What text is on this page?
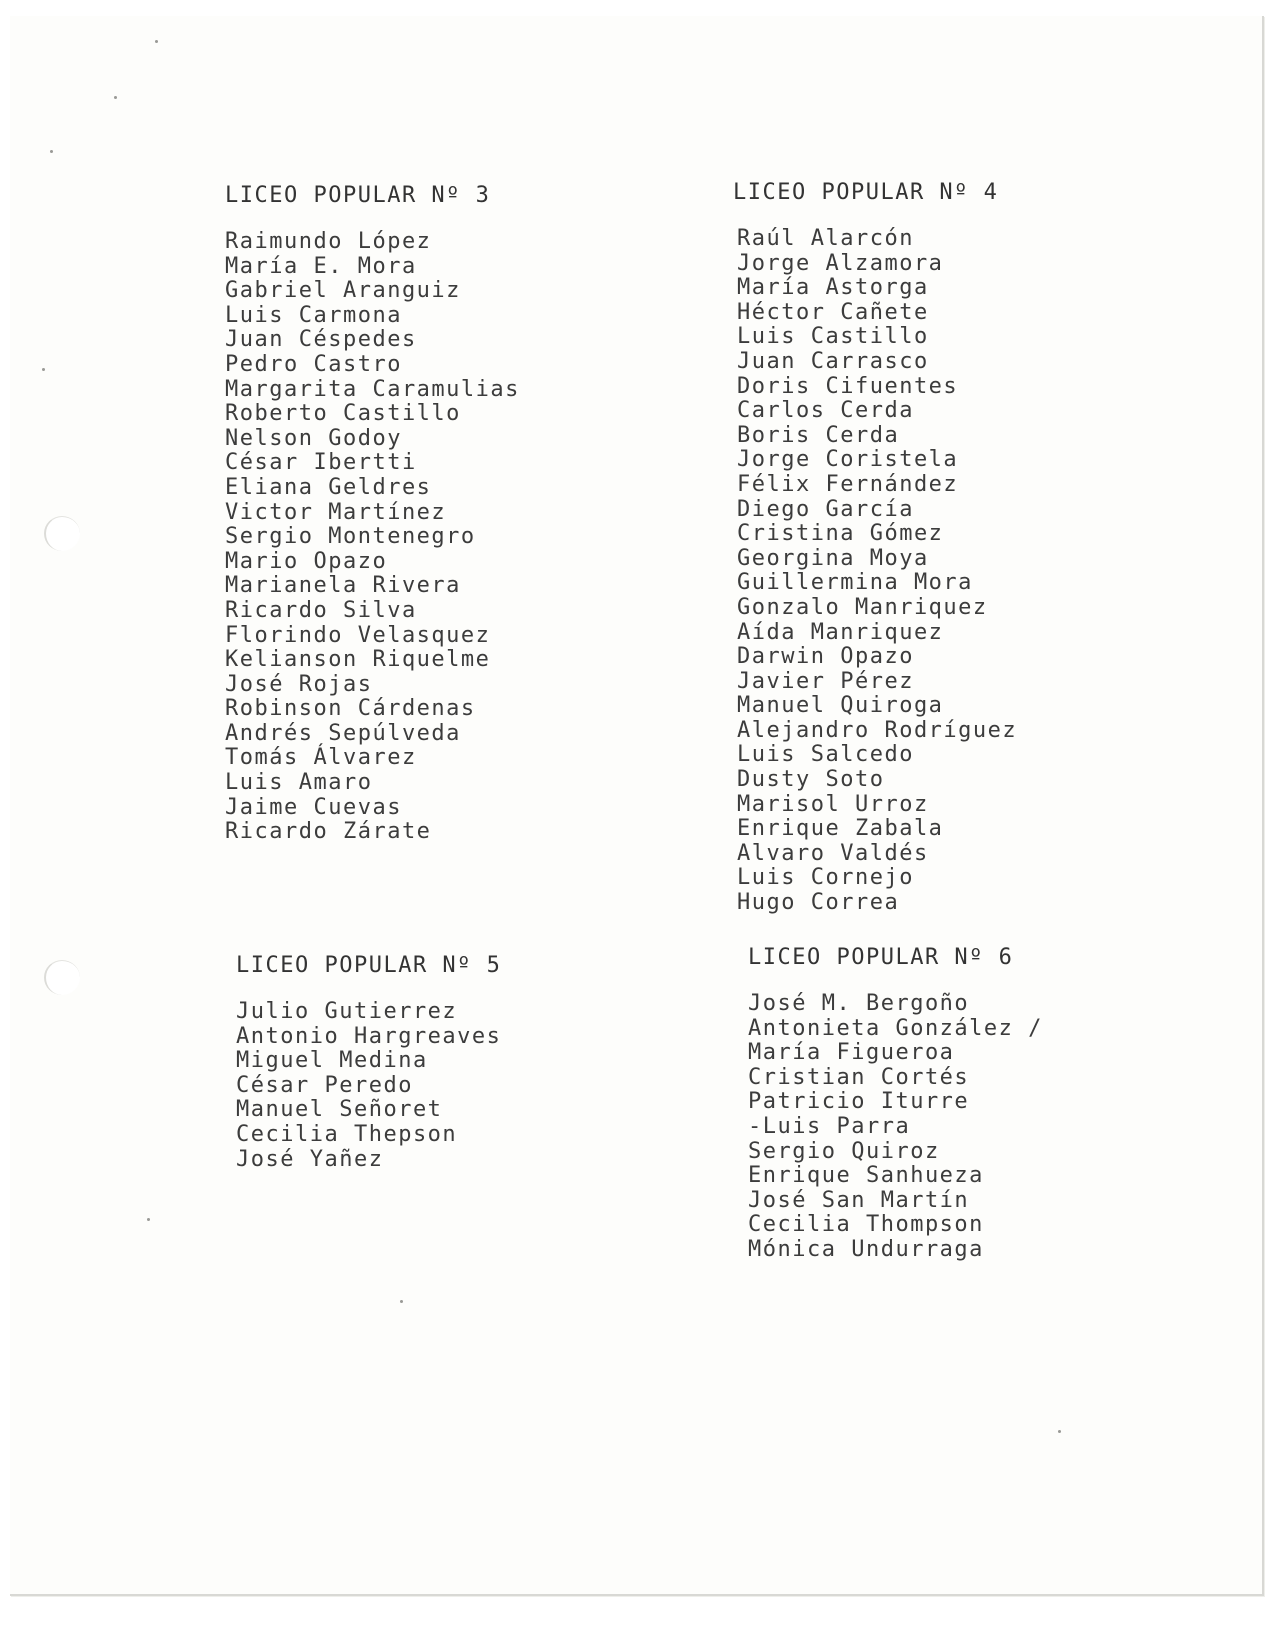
LICEO POPULAR Nº 3
Raimundo López
María E. Mora
Gabriel Aranguiz
Luis Carmona
Juan Céspedes
Pedro Castro
Margarita Caramulias
Roberto Castillo
Nelson Godoy
César Ibertti
Eliana Geldres
Victor Martínez
Sergio Montenegro
Mario Opazo
Marianela Rivera
Ricardo Silva
Florindo Velasquez
Kelianson Riquelme
José Rojas
Robinson Cárdenas
Andrés Sepúlveda
Tomás Álvarez
Luis Amaro
Jaime Cuevas
Ricardo Zárate
LICEO POPULAR Nº 4
Raúl Alarcón
Jorge Alzamora
María Astorga
Héctor Cañete
Luis Castillo
Juan Carrasco
Doris Cifuentes
Carlos Cerda
Boris Cerda
Jorge Coristela
Félix Fernández
Diego García
Cristina Gómez
Georgina Moya
Guillermina Mora
Gonzalo Manriquez
Aída Manriquez
Darwin Opazo
Javier Pérez
Manuel Quiroga
Alejandro Rodríguez
Luis Salcedo
Dusty Soto
Marisol Urroz
Enrique Zabala
Alvaro Valdés
Luis Cornejo
Hugo Correa
LICEO POPULAR Nº 5
Julio Gutierrez
Antonio Hargreaves
Miguel Medina
César Peredo
Manuel Señoret
Cecilia Thepson
José Yañez
LICEO POPULAR Nº 6
José M. Bergoño
Antonieta González /
María Figueroa
Cristian Cortés
Patricio Iturre
-Luis Parra
Sergio Quiroz
Enrique Sanhueza
José San Martín
Cecilia Thompson
Mónica Undurraga
